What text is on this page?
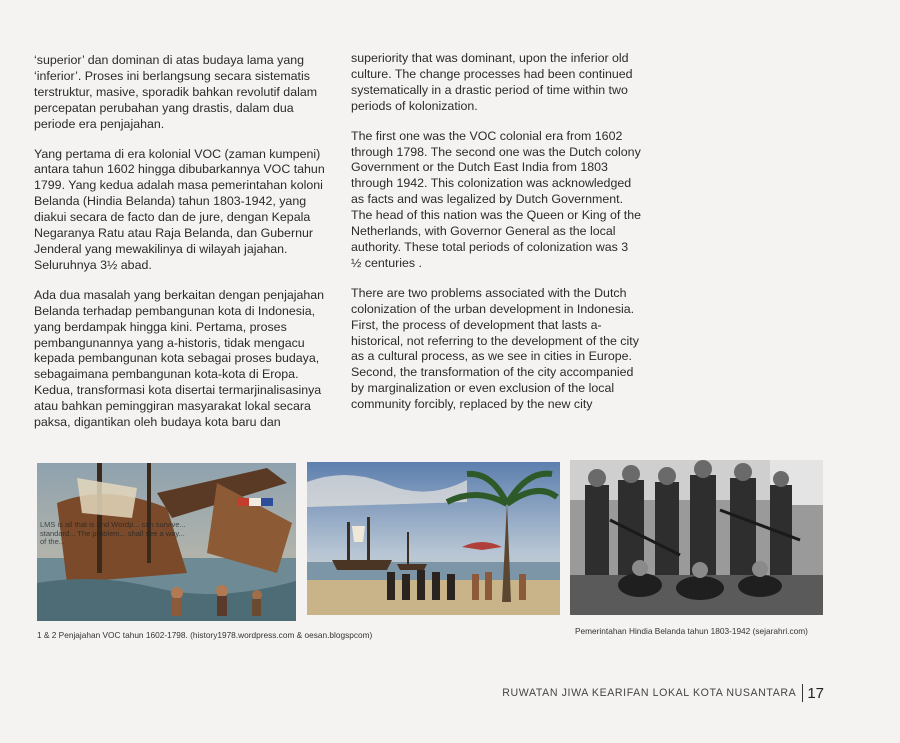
‘superior’ dan dominan di atas budaya lama yang ‘inferior’. Proses ini berlangsung secara sistematis terstruktur, masive, sporadik bahkan revolutif dalam percepatan perubahan yang drastis, dalam dua periode era penjajahan.

Yang pertama di era kolonial VOC (zaman kumpeni) antara tahun 1602 hingga dibubarkannya VOC tahun 1799. Yang kedua adalah masa pemerintahan koloni Belanda (Hindia Belanda) tahun 1803-1942, yang diakui secara de facto dan de jure, dengan Kepala Negaranya Ratu atau Raja Belanda, dan Gubernur Jenderal yang mewakilinya di wilayah jajahan. Seluruhnya 3½ abad.

Ada dua masalah yang berkaitan dengan penjajahan Belanda terhadap pembangunan kota di Indonesia, yang berdampak hingga kini. Pertama, proses pembangunannya yang a-historis, tidak mengacu kepada pembangunan kota sebagai proses budaya, sebagaimana pembangunan kota-kota di Eropa. Kedua, transformasi kota disertai termarjinalisasinya atau bahkan peminggiran masyarakat lokal secara paksa, digantikan oleh budaya kota baru dan

superiority that was dominant, upon the inferior old culture. The change processes had been continued systematically in a drastic period of time within two periods of kolonization.

The first one was the VOC colonial era from 1602 through 1798. The second one was the Dutch colony Government or the Dutch East India from 1803 through 1942. This colonization was acknowledged as facts and was legalized by Dutch Government. The head of this nation was the Queen or King of the Netherlands, with Governor General as the local authority. These total periods of colonization was 3 ½ centuries .

There are two problems associated with the Dutch colonization of the urban development in Indonesia. First, the process of development that lasts a- historical, not referring to the development of the city as a cultural process, as we see in cities in Europe. Second, the transformation of the city accompanied by marginalization or even exclusion of the local community forcibly, replaced by the new city

LMS is all that is and Wordp... can survive... standard... The problem... shall see a way... of the...
1 & 2 Penjajahan VOC tahun 1602-1798. (history1978.wordpress.com & oesan.blogspcom)	Pemerintahan Hindia Belanda tahun 1803-1942 (sejarahri.com)
RUWATAN JIWA KEARIFAN LOKAL KOTA NUSANTARA 17
